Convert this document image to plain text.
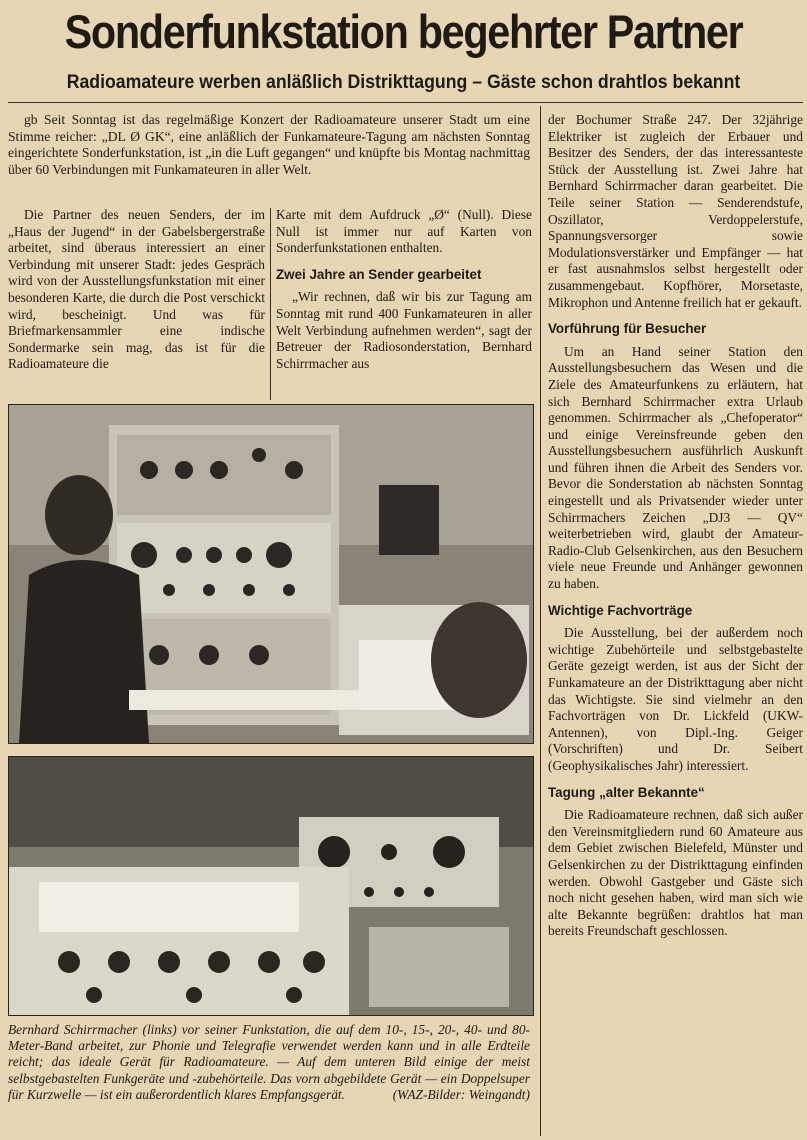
Sonderfunkstation begehrter Partner
Radioamateure werben anläßlich Distrikttagung – Gäste schon drahtlos bekannt
gb Seit Sonntag ist das regelmäßige Konzert der Radioamateure unserer Stadt um eine Stimme reicher: „DL Ø GK“, eine anläßlich der Funkamateure-Tagung am nächsten Sonntag eingerichtete Sonderfunkstation, ist „in die Luft gegangen“ und knüpfte bis Montag nachmittag über 60 Verbindungen mit Funkamateuren in aller Welt.
Die Partner des neuen Senders, der im „Haus der Jugend“ in der Gabelsbergerstraße arbeitet, sind überaus interessiert an einer Verbindung mit unserer Stadt: jedes Gespräch wird von der Ausstellungsfunkstation mit einer besonderen Karte, die durch die Post verschickt wird, bescheinigt. Und was für Briefmarkensammler eine indische Sondermarke sein mag, das ist für die Radioamateure die
Karte mit dem Aufdruck „Ø“ (Null). Diese Null ist immer nur auf Karten von Sonderfunkstationen enthalten.
Zwei Jahre an Sender gearbeitet
„Wir rechnen, daß wir bis zur Tagung am Sonntag mit rund 400 Funkamateuren in aller Welt Verbindung aufnehmen werden“, sagt der Betreuer der Radiosonderstation, Bernhard Schirrmacher aus
Bernhard Schirrmacher (links) vor seiner Funkstation, die auf dem 10-, 15-, 20-, 40- und 80-Meter-Band arbeitet, zur Phonie und Telegrafie verwendet werden kann und in alle Erdteile reicht; das ideale Gerät für Radioamateure. — Auf dem unteren Bild einige der meist selbstgebastelten Funkgeräte und -zubehörteile. Das vorn abgebildete Gerät — ein Doppelsuper für Kurzwelle — ist ein außerordentlich klares Empfangsgerät.	(WAZ-Bilder: Weingandt)
der Bochumer Straße 247. Der 32jährige Elektriker ist zugleich der Erbauer und Besitzer des Senders, der das interessanteste Stück der Ausstellung ist. Zwei Jahre hat Bernhard Schirrmacher daran gearbeitet. Die Teile seiner Station — Senderendstufe, Oszillator, Verdoppelerstufe, Spannungsversorger sowie Modulationsverstärker und Empfänger — hat er fast ausnahmslos selbst hergestellt oder zusammengebaut. Kopfhörer, Morsetaste, Mikrophon und Antenne freilich hat er gekauft.
Vorführung für Besucher
Um an Hand seiner Station den Ausstellungsbesuchern das Wesen und die Ziele des Amateurfunkens zu erläutern, hat sich Bernhard Schirrmacher extra Urlaub genommen. Schirrmacher als „Chefoperator“ und einige Vereinsfreunde geben den Ausstellungsbesuchern ausführlich Auskunft und führen ihnen die Arbeit des Senders vor. Bevor die Sonderstation ab nächsten Sonntag eingestellt und als Privatsender wieder unter Schirrmachers Zeichen „DJ3 — QV“ weiterbetrieben wird, glaubt der Amateur-Radio-Club Gelsenkirchen, aus den Besuchern viele neue Freunde und Anhänger gewonnen zu haben.
Wichtige Fachvorträge
Die Ausstellung, bei der außerdem noch wichtige Zubehörteile und selbstgebastelte Geräte gezeigt werden, ist aus der Sicht der Funkamateure an der Distrikttagung aber nicht das Wichtigste. Sie sind vielmehr an den Fachvorträgen von Dr. Lickfeld (UKW-Antennen), von Dipl.-Ing. Geiger (Vorschriften) und Dr. Seibert (Geophysikalisches Jahr) interessiert.
Tagung „alter Bekannte“
Die Radioamateure rechnen, daß sich außer den Vereinsmitgliedern rund 60 Amateure aus dem Gebiet zwischen Bielefeld, Münster und Gelsenkirchen zu der Distrikttagung einfinden werden. Obwohl Gastgeber und Gäste sich noch nicht gesehen haben, wird man sich wie alte Bekannte begrüßen: drahtlos hat man bereits Freundschaft geschlossen.
